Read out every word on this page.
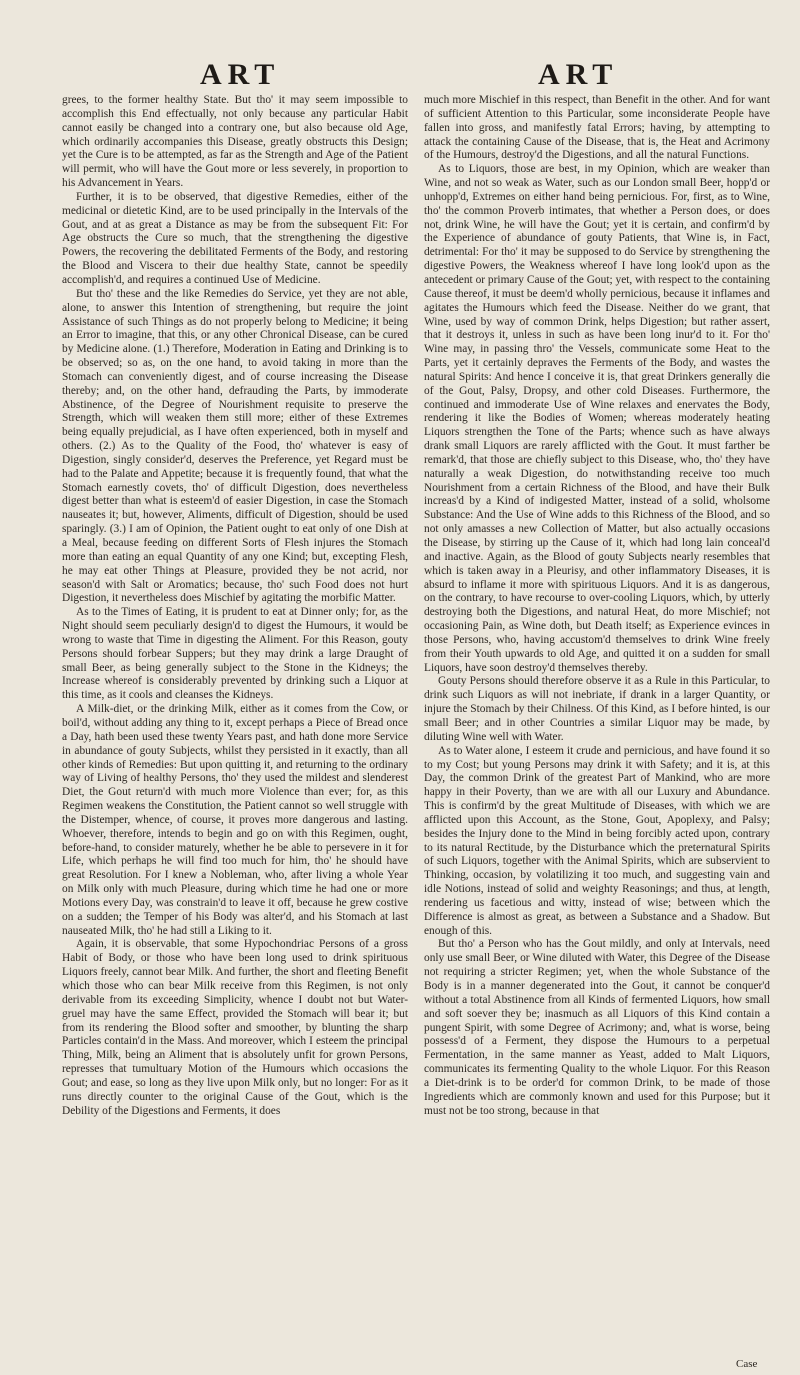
ART	ART

grees, to the former healthy State. But tho' it may seem impossible to accomplish this End effectually, not only because any particular Habit cannot easily be changed into a contrary one, but also because old Age, which ordinarily accompanies this Disease, greatly obstructs this Design; yet the Cure is to be attempted, as far as the Strength and Age of the Patient will permit, who will have the Gout more or less severely, in proportion to his Advancement in Years.

Further, it is to be observed, that digestive Remedies, either of the medicinal or dietetic Kind, are to be used principally in the Intervals of the Gout, and at as great a Distance as may be from the subsequent Fit: For Age obstructs the Cure so much, that the strengthening the digestive Powers, the recovering the debilitated Ferments of the Body, and restoring the Blood and Viscera to their due healthy State, cannot be speedily accomplish'd, and requires a continued Use of Medicine.

But tho' these and the like Remedies do Service, yet they are not able, alone, to answer this Intention of strengthening, but require the joint Assistance of such Things as do not properly belong to Medicine; it being an Error to imagine, that this, or any other Chronical Disease, can be cured by Medicine alone. (1.) Therefore, Moderation in Eating and Drinking is to be observed; so as, on the one hand, to avoid taking in more than the Stomach can conveniently digest, and of course increasing the Disease thereby; and, on the other hand, defrauding the Parts, by immoderate Abstinence, of the Degree of Nourishment requisite to preserve the Strength, which will weaken them still more; either of these Extremes being equally prejudicial, as I have often experienced, both in myself and others. (2.) As to the Quality of the Food, tho' whatever is easy of Digestion, singly consider'd, deserves the Preference, yet Regard must be had to the Palate and Appetite; because it is frequently found, that what the Stomach earnestly covets, tho' of difficult Digestion, does nevertheless digest better than what is esteem'd of easier Digestion, in case the Stomach nauseates it; but, however, Aliments, difficult of Digestion, should be used sparingly. (3.) I am of Opinion, the Patient ought to eat only of one Dish at a Meal, because feeding on different Sorts of Flesh injures the Stomach more than eating an equal Quantity of any one Kind; but, excepting Flesh, he may eat other Things at Pleasure, provided they be not acrid, nor season'd with Salt or Aromatics; because, tho' such Food does not hurt Digestion, it nevertheless does Mischief by agitating the morbific Matter.

As to the Times of Eating, it is prudent to eat at Dinner only; for, as the Night should seem peculiarly design'd to digest the Humours, it would be wrong to waste that Time in digesting the Aliment. For this Reason, gouty Persons should forbear Suppers; but they may drink a large Draught of small Beer, as being generally subject to the Stone in the Kidneys; the Increase whereof is considerably prevented by drinking such a Liquor at this time, as it cools and cleanses the Kidneys.

A Milk-diet, or the drinking Milk, either as it comes from the Cow, or boil'd, without adding any thing to it, except perhaps a Piece of Bread once a Day, hath been used these twenty Years past, and hath done more Service in abundance of gouty Subjects, whilst they persisted in it exactly, than all other kinds of Remedies: But upon quitting it, and returning to the ordinary way of Living of healthy Persons, tho' they used the mildest and slenderest Diet, the Gout return'd with much more Violence than ever; for, as this Regimen weakens the Constitution, the Patient cannot so well struggle with the Distemper, whence, of course, it proves more dangerous and lasting. Whoever, therefore, intends to begin and go on with this Regimen, ought, before-hand, to consider maturely, whether he be able to persevere in it for Life, which perhaps he will find too much for him, tho' he should have great Resolution. For I knew a Nobleman, who, after living a whole Year on Milk only with much Pleasure, during which time he had one or more Motions every Day, was constrain'd to leave it off, because he grew costive on a sudden; the Temper of his Body was alter'd, and his Stomach at last nauseated Milk, tho' he had still a Liking to it.

Again, it is observable, that some Hypochondriac Persons of a gross Habit of Body, or those who have been long used to drink spirituous Liquors freely, cannot bear Milk. And further, the short and fleeting Benefit which those who can bear Milk receive from this Regimen, is not only derivable from its exceeding Simplicity, whence I doubt not but Water-gruel may have the same Effect, provided the Stomach will bear it; but from its rendering the Blood softer and smoother, by blunting the sharp Particles contain'd in the Mass. And moreover, which I esteem the principal Thing, Milk, being an Aliment that is absolutely unfit for grown Persons, represses that tumultuary Motion of the Humours which occasions the Gout; and ease, so long as they live upon Milk only, but no longer: For as it runs directly counter to the original Cause of the Gout, which is the Debility of the Digestions and Ferments, it does

much more Mischief in this respect, than Benefit in the other. And for want of sufficient Attention to this Particular, some inconsiderate People have fallen into gross, and manifestly fatal Errors; having, by attempting to attack the containing Cause of the Disease, that is, the Heat and Acrimony of the Humours, destroy'd the Digestions, and all the natural Functions.

As to Liquors, those are best, in my Opinion, which are weaker than Wine, and not so weak as Water, such as our London small Beer, hopp'd or unhopp'd, Extremes on either hand being pernicious. For, first, as to Wine, tho' the common Proverb intimates, that whether a Person does, or does not, drink Wine, he will have the Gout; yet it is certain, and confirm'd by the Experience of abundance of gouty Patients, that Wine is, in Fact, detrimental: For tho' it may be supposed to do Service by strengthening the digestive Powers, the Weakness whereof I have long look'd upon as the antecedent or primary Cause of the Gout; yet, with respect to the containing Cause thereof, it must be deem'd wholly pernicious, because it inflames and agitates the Humours which feed the Disease. Neither do we grant, that Wine, used by way of common Drink, helps Digestion; but rather assert, that it destroys it, unless in such as have been long inur'd to it. For tho' Wine may, in passing thro' the Vessels, communicate some Heat to the Parts, yet it certainly depraves the Ferments of the Body, and wastes the natural Spirits: And hence I conceive it is, that great Drinkers generally die of the Gout, Palsy, Dropsy, and other cold Diseases. Furthermore, the continued and immoderate Use of Wine relaxes and enervates the Body, rendering it like the Bodies of Women; whereas moderately heating Liquors strengthen the Tone of the Parts; whence such as have always drank small Liquors are rarely afflicted with the Gout. It must farther be remark'd, that those are chiefly subject to this Disease, who, tho' they have naturally a weak Digestion, do notwithstanding receive too much Nourishment from a certain Richness of the Blood, and have their Bulk increas'd by a Kind of indigested Matter, instead of a solid, wholsome Substance: And the Use of Wine adds to this Richness of the Blood, and so not only amasses a new Collection of Matter, but also actually occasions the Disease, by stirring up the Cause of it, which had long lain conceal'd and inactive. Again, as the Blood of gouty Subjects nearly resembles that which is taken away in a Pleurisy, and other inflammatory Diseases, it is absurd to inflame it more with spirituous Liquors. And it is as dangerous, on the contrary, to have recourse to over-cooling Liquors, which, by utterly destroying both the Digestions, and natural Heat, do more Mischief; not occasioning Pain, as Wine doth, but Death itself; as Experience evinces in those Persons, who, having accustom'd themselves to drink Wine freely from their Youth upwards to old Age, and quitted it on a sudden for small Liquors, have soon destroy'd themselves thereby.

Gouty Persons should therefore observe it as a Rule in this Particular, to drink such Liquors as will not inebriate, if drank in a larger Quantity, or injure the Stomach by their Chilness. Of this Kind, as I before hinted, is our small Beer; and in other Countries a similar Liquor may be made, by diluting Wine well with Water.

As to Water alone, I esteem it crude and pernicious, and have found it so to my Cost; but young Persons may drink it with Safety; and it is, at this Day, the common Drink of the greatest Part of Mankind, who are more happy in their Poverty, than we are with all our Luxury and Abundance. This is confirm'd by the great Multitude of Diseases, with which we are afflicted upon this Account, as the Stone, Gout, Apoplexy, and Palsy; besides the Injury done to the Mind in being forcibly acted upon, contrary to its natural Rectitude, by the Disturbance which the preternatural Spirits of such Liquors, together with the Animal Spirits, which are subservient to Thinking, occasion, by volatilizing it too much, and suggesting vain and idle Notions, instead of solid and weighty Reasonings; and thus, at length, rendering us facetious and witty, instead of wise; between which the Difference is almost as great, as between a Substance and a Shadow. But enough of this.

But tho' a Person who has the Gout mildly, and only at Intervals, need only use small Beer, or Wine diluted with Water, this Degree of the Disease not requiring a stricter Regimen; yet, when the whole Substance of the Body is in a manner degenerated into the Gout, it cannot be conquer'd without a total Abstinence from all Kinds of fermented Liquors, how small and soft soever they be; inasmuch as all Liquors of this Kind contain a pungent Spirit, with some Degree of Acrimony; and, what is worse, being possess'd of a Ferment, they dispose the Humours to a perpetual Fermentation, in the same manner as Yeast, added to Malt Liquors, communicates its fermenting Quality to the whole Liquor. For this Reason a Diet-drink is to be order'd for common Drink, to be made of those Ingredients which are commonly known and used for this Purpose; but it must not be too strong, because in that

Case
